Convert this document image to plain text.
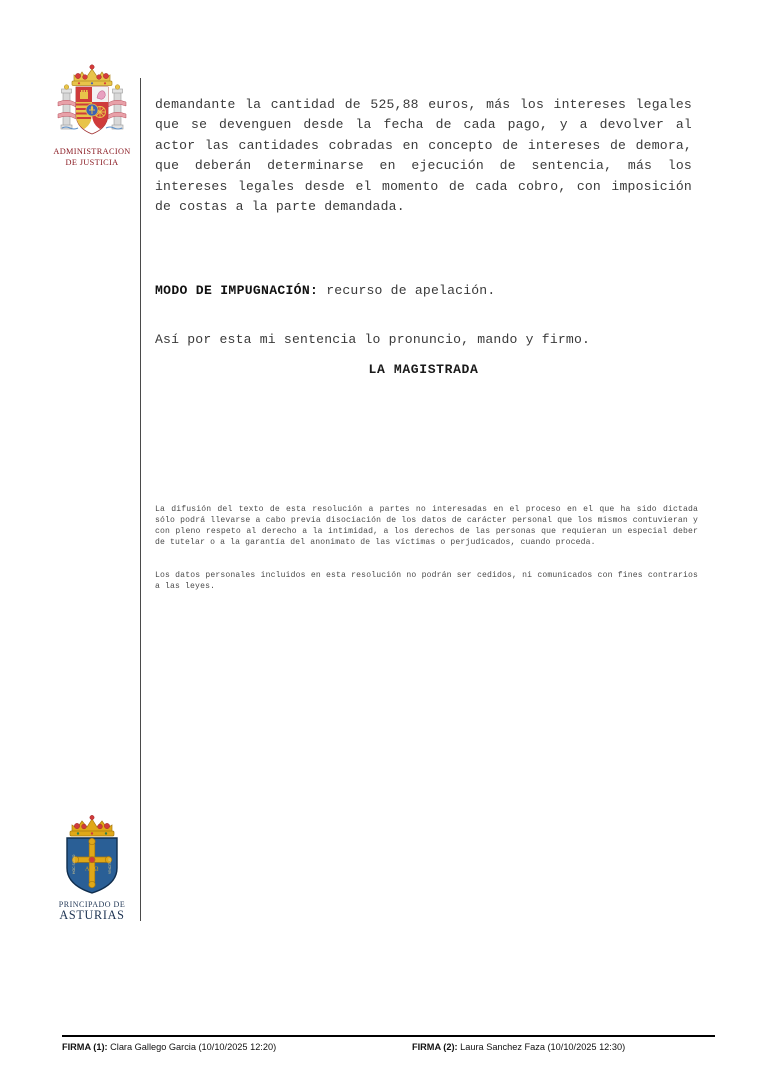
ADMINISTRACION
DE JUSTICIA
A Ω
HOC SIGNO	VINCITUR
PRINCIPADO DE
ASTURIAS
demandante la cantidad de 525,88 euros, más los intereses legales que se devenguen desde la fecha de cada pago, y a devolver al actor las cantidades cobradas en concepto de intereses de demora, que deberán determinarse en ejecución de sentencia, más los intereses legales desde el momento de cada cobro, con imposición de costas a la parte demandada.
MODO DE IMPUGNACIÓN: recurso de apelación.
Así por esta mi sentencia lo pronuncio, mando y firmo.
LA MAGISTRADA
La difusión del texto de esta resolución a partes no interesadas en el proceso en el que ha sido dictada sólo podrá llevarse a cabo previa disociación de los datos de carácter personal que los mismos contuvieran y con pleno respeto al derecho a la intimidad, a los derechos de las personas que requieran un especial deber de tutelar o a la garantía del anonimato de las víctimas o perjudicados, cuando proceda.
Los datos personales incluidos en esta resolución no podrán ser cedidos, ni comunicados con fines contrarios a las leyes.
FIRMA (1): Clara Gallego Garcia (10/10/2025 12:20)	FIRMA (2): Laura Sanchez Faza (10/10/2025 12:30)
